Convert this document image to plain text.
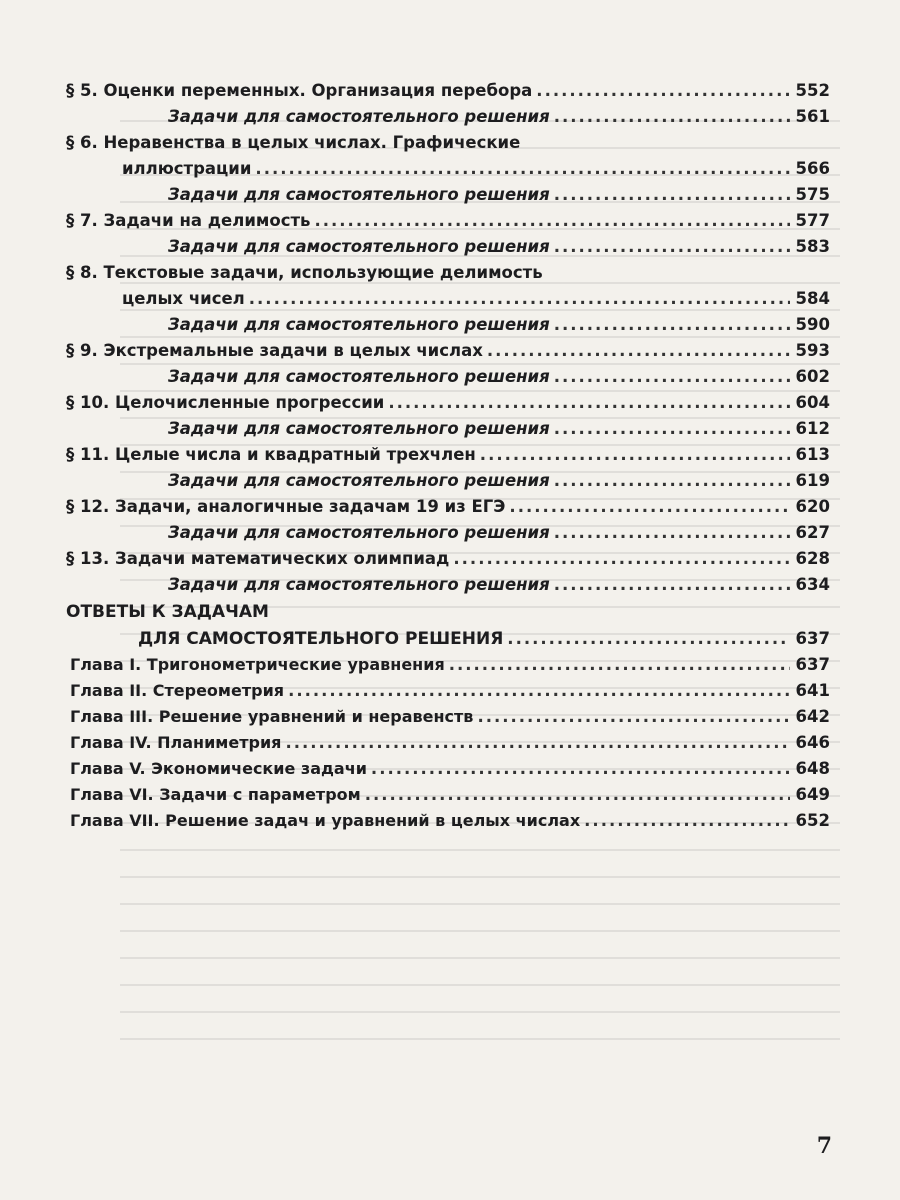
§ 5. Оценки переменных. Организация перебора .....	552
Задачи для самостоятельного решения .....	561
§ 6. Неравенства в целых числах. Графические
иллюстрации .....	566
Задачи для самостоятельного решения .....	575
§ 7. Задачи на делимость .....	577
Задачи для самостоятельного решения .....	583
§ 8. Текстовые задачи, использующие делимость
целых чисел .....	584
Задачи для самостоятельного решения .....	590
§ 9. Экстремальные задачи в целых числах .....	593
Задачи для самостоятельного решения .....	602
§ 10. Целочисленные прогрессии .....	604
Задачи для самостоятельного решения .....	612
§ 11. Целые числа и квадратный трехчлен .....	613
Задачи для самостоятельного решения .....	619
§ 12. Задачи, аналогичные задачам 19 из ЕГЭ .....	620
Задачи для самостоятельного решения .....	627
§ 13. Задачи математических олимпиад .....	628
Задачи для самостоятельного решения .....	634
ОТВЕТЫ К ЗАДАЧАМ
ДЛЯ САМОСТОЯТЕЛЬНОГО РЕШЕНИЯ .....	637
Глава I. Тригонометрические уравнения .....	637
Глава II. Стереометрия .....	641
Глава III. Решение уравнений и неравенств .....	642
Глава IV. Планиметрия .....	646
Глава V. Экономические задачи .....	648
Глава VI. Задачи с параметром .....	649
Глава VII. Решение задач и уравнений в целых числах .....	652
7
